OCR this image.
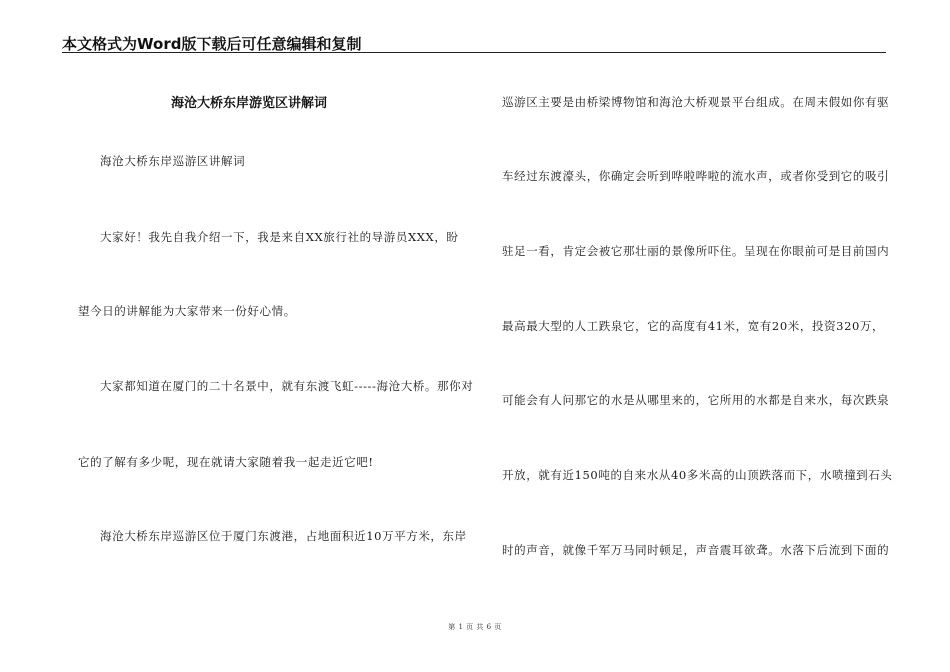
本文格式为Word版下载后可任意编辑和复制
海沧大桥东岸游览区讲解词
海沧大桥东岸巡游区讲解词
大家好！我先自我介绍一下，我是来自XX旅行社的导游员XXX，盼
望今日的讲解能为大家带来一份好心情。
大家都知道在厦门的二十名景中，就有东渡飞虹-----海沧大桥。那你对
它的了解有多少呢，现在就请大家随着我一起走近它吧!
海沧大桥东岸巡游区位于厦门东渡港，占地面积近10万平方米，东岸
巡游区主要是由桥梁博物馆和海沧大桥观景平台组成。在周末假如你有驱
车经过东渡濠头，你确定会听到哗啦哗啦的流水声，或者你受到它的吸引
驻足一看，肯定会被它那壮丽的景像所吓住。呈现在你眼前可是目前国内
最高最大型的人工跌泉它，它的高度有41米，宽有20米，投资320万，
可能会有人问那它的水是从哪里来的，它所用的水都是自来水，每次跌泉
开放，就有近150吨的自来水从40多米高的山顶跌落而下，水喷撞到石头
时的声音，就像千军万马同时顿足，声音震耳欲聋。水落下后流到下面的
第 1 页 共 6 页
